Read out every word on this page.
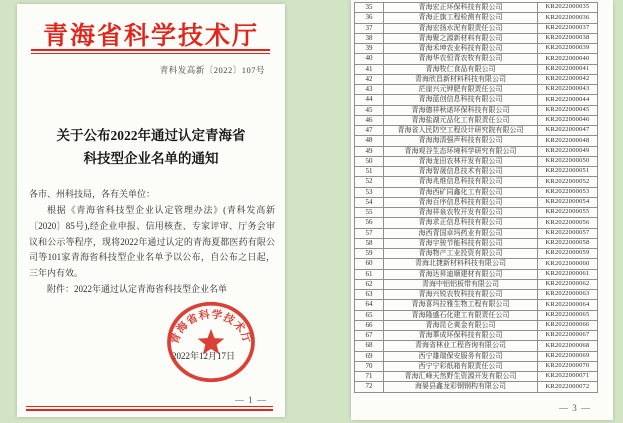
青海省科学技术厅
青科发高新〔2022〕107号
关于公布2022年通过认定青海省
科技型企业名单的通知
各市、州科技局，各有关单位：
根据《青海省科技型企业认定管理办法》(青科发高新〔2020〕85号),经企业申报、信用核查、专家评审、厅务会审议和公示等程序，现将2022年通过认定的青海夏都医药有限公司等101家青海省科技型企业名单予以公布，自公布之日起，三年内有效。
附件：2022年通过认定青海省科技型企业名单
2022年12月17日
青海省科学技术厅
— 1 —
35	青海宏正环保科技有限公司	KR2022000035
36	青海正旗工程检测有限公司	KR2022000036
37	青海宏扬水泥有限责任公司	KR2022000037
38	青海聚之源新材料有限公司	KR2022000038
39	青海禾坤农业科技有限公司	KR2022000039
40	青海华农恒青农牧有限公司	KR2022000040
41	青海牧仁食品有限公司	KR2022000041
42	青海欣昌新材料科技有限公司	KR2022000042
43	茫崖兴元钾肥有限责任公司	KR2022000043
44	青海蓝创信息科技有限公司	KR2022000044
45	青海德祥秋诺环保科技有限公司	KR2022000045
46	青海盐湖元品化工有限责任公司	KR2022000046
47	青海省人民防空工程设计研究院有限公司	KR2022000047
48	青海海清强声科技有限公司	KR2022000048
49	青海观谷生态环境科学研究有限公司	KR2022000049
50	青海龙田农林开发有限公司	KR2022000050
51	青海智晟信息技术有限公司	KR2022000051
52	青海兆维信息科技有限公司	KR2022000052
53	青海西矿同鑫化工有限公司	KR2022000053
54	青海百序信息科技有限公司	KR2022000054
55	青海祥泉农牧开发有限公司	KR2022000055
56	青海求正信息科技有限公司	KR2022000056
57	海西青国卓玛药业有限公司	KR2022000057
58	青海宇骏节能科技有限公司	KR2022000058
59	青海物产工业投资有限公司	KR2022000059
60	青海北捷新材料科技有限公司	KR2022000060
61	青海达昇迪顺建材有限公司	KR2022000061
62	青海中铝铝板带有限公司	KR2022000062
63	青海兴锐农牧科技有限公司	KR2022000063
64	青海喜玛拉雅生物工程有限公司	KR2022000064
65	青海隆盛石化建工有限责任公司	KR2022000065
66	青海昆仑黄金有限公司	KR2022000066
67	青海菶成环保科技有限公司	KR2022000067
68	青海省林业工程咨询有限公司	KR2022000068
69	西宁雄瑞保安服务有限公司	KR2022000069
70	西宁宁彩纸箱有限责任公司	KR2022000070
71	青海汇峰天然野生资源开发有限公司	KR2022000071
72	海晏县鑫龙彩钢钢构有限公司	KR2022000072
— 3 —
